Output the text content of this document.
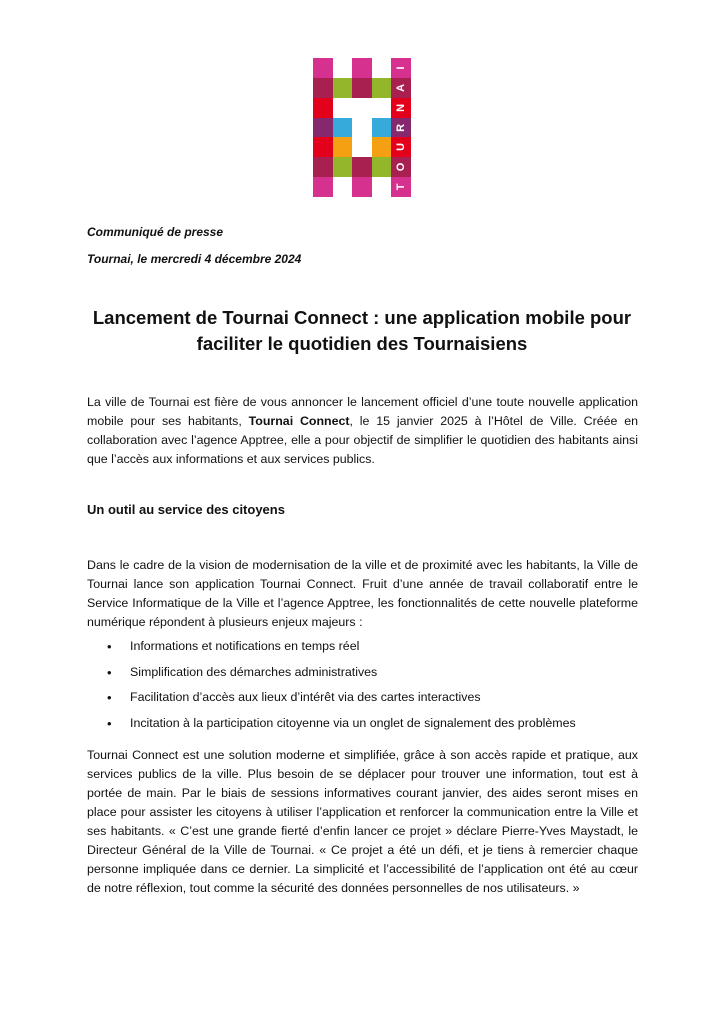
I
A
N
R
U
O
T
Communiqué de presse
Tournai, le mercredi 4 décembre 2024
Lancement de Tournai Connect : une application mobile pour faciliter le quotidien des Tournaisiens

La ville de Tournai est fière de vous annoncer le lancement officiel d’une toute nouvelle application mobile pour ses habitants, Tournai Connect, le 15 janvier 2025 à l’Hôtel de Ville. Créée en collaboration avec l’agence Apptree, elle a pour objectif de simplifier le quotidien des habitants ainsi que l’accès aux informations et aux services publics.

Un outil au service des citoyens

Dans le cadre de la vision de modernisation de la ville et de proximité avec les habitants, la Ville de Tournai lance son application Tournai Connect. Fruit d’une année de travail collaboratif entre le Service Informatique de la Ville et l’agence Apptree, les fonctionnalités de cette nouvelle plateforme numérique répondent à plusieurs enjeux majeurs :

• Informations et notifications en temps réel
• Simplification des démarches administratives
• Facilitation d’accès aux lieux d’intérêt via des cartes interactives
• Incitation à la participation citoyenne via un onglet de signalement des problèmes

Tournai Connect est une solution moderne et simplifiée, grâce à son accès rapide et pratique, aux services publics de la ville. Plus besoin de se déplacer pour trouver une information, tout est à portée de main. Par le biais de sessions informatives courant janvier, des aides seront mises en place pour assister les citoyens à utiliser l’application et renforcer la communication entre la Ville et ses habitants. « C’est une grande fierté d’enfin lancer ce projet » déclare Pierre-Yves Maystadt, le Directeur Général de la Ville de Tournai. « Ce projet a été un défi, et je tiens à remercier chaque personne impliquée dans ce dernier. La simplicité et l’accessibilité de l’application ont été au cœur de notre réflexion, tout comme la sécurité des données personnelles de nos utilisateurs. »
